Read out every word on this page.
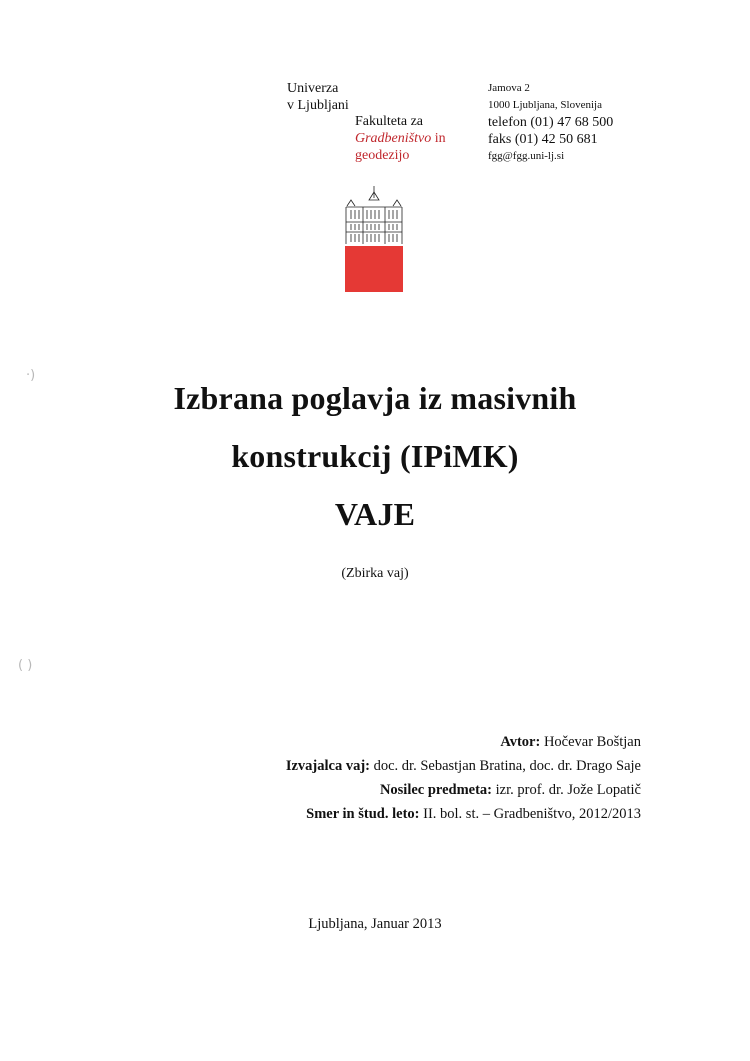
Univerza
v Ljubljani
Fakulteta za
Gradbeništvo in
geodezijo
Jamova 2
1000 Ljubljana, Slovenija
telefon (01) 47 68 500
faks (01) 42 50 681
fgg@fgg.uni-lj.si
Izbrana poglavja iz masivnih
konstrukcij (IPiMK)
VAJE
(Zbirka vaj)
·)
( )
Avtor: Hočevar Boštjan
Izvajalca vaj: doc. dr. Sebastjan Bratina, doc. dr. Drago Saje
Nosilec predmeta: izr. prof. dr. Jože Lopatič
Smer in štud. leto: II. bol. st. – Gradbeništvo, 2012/2013
Ljubljana, Januar 2013
